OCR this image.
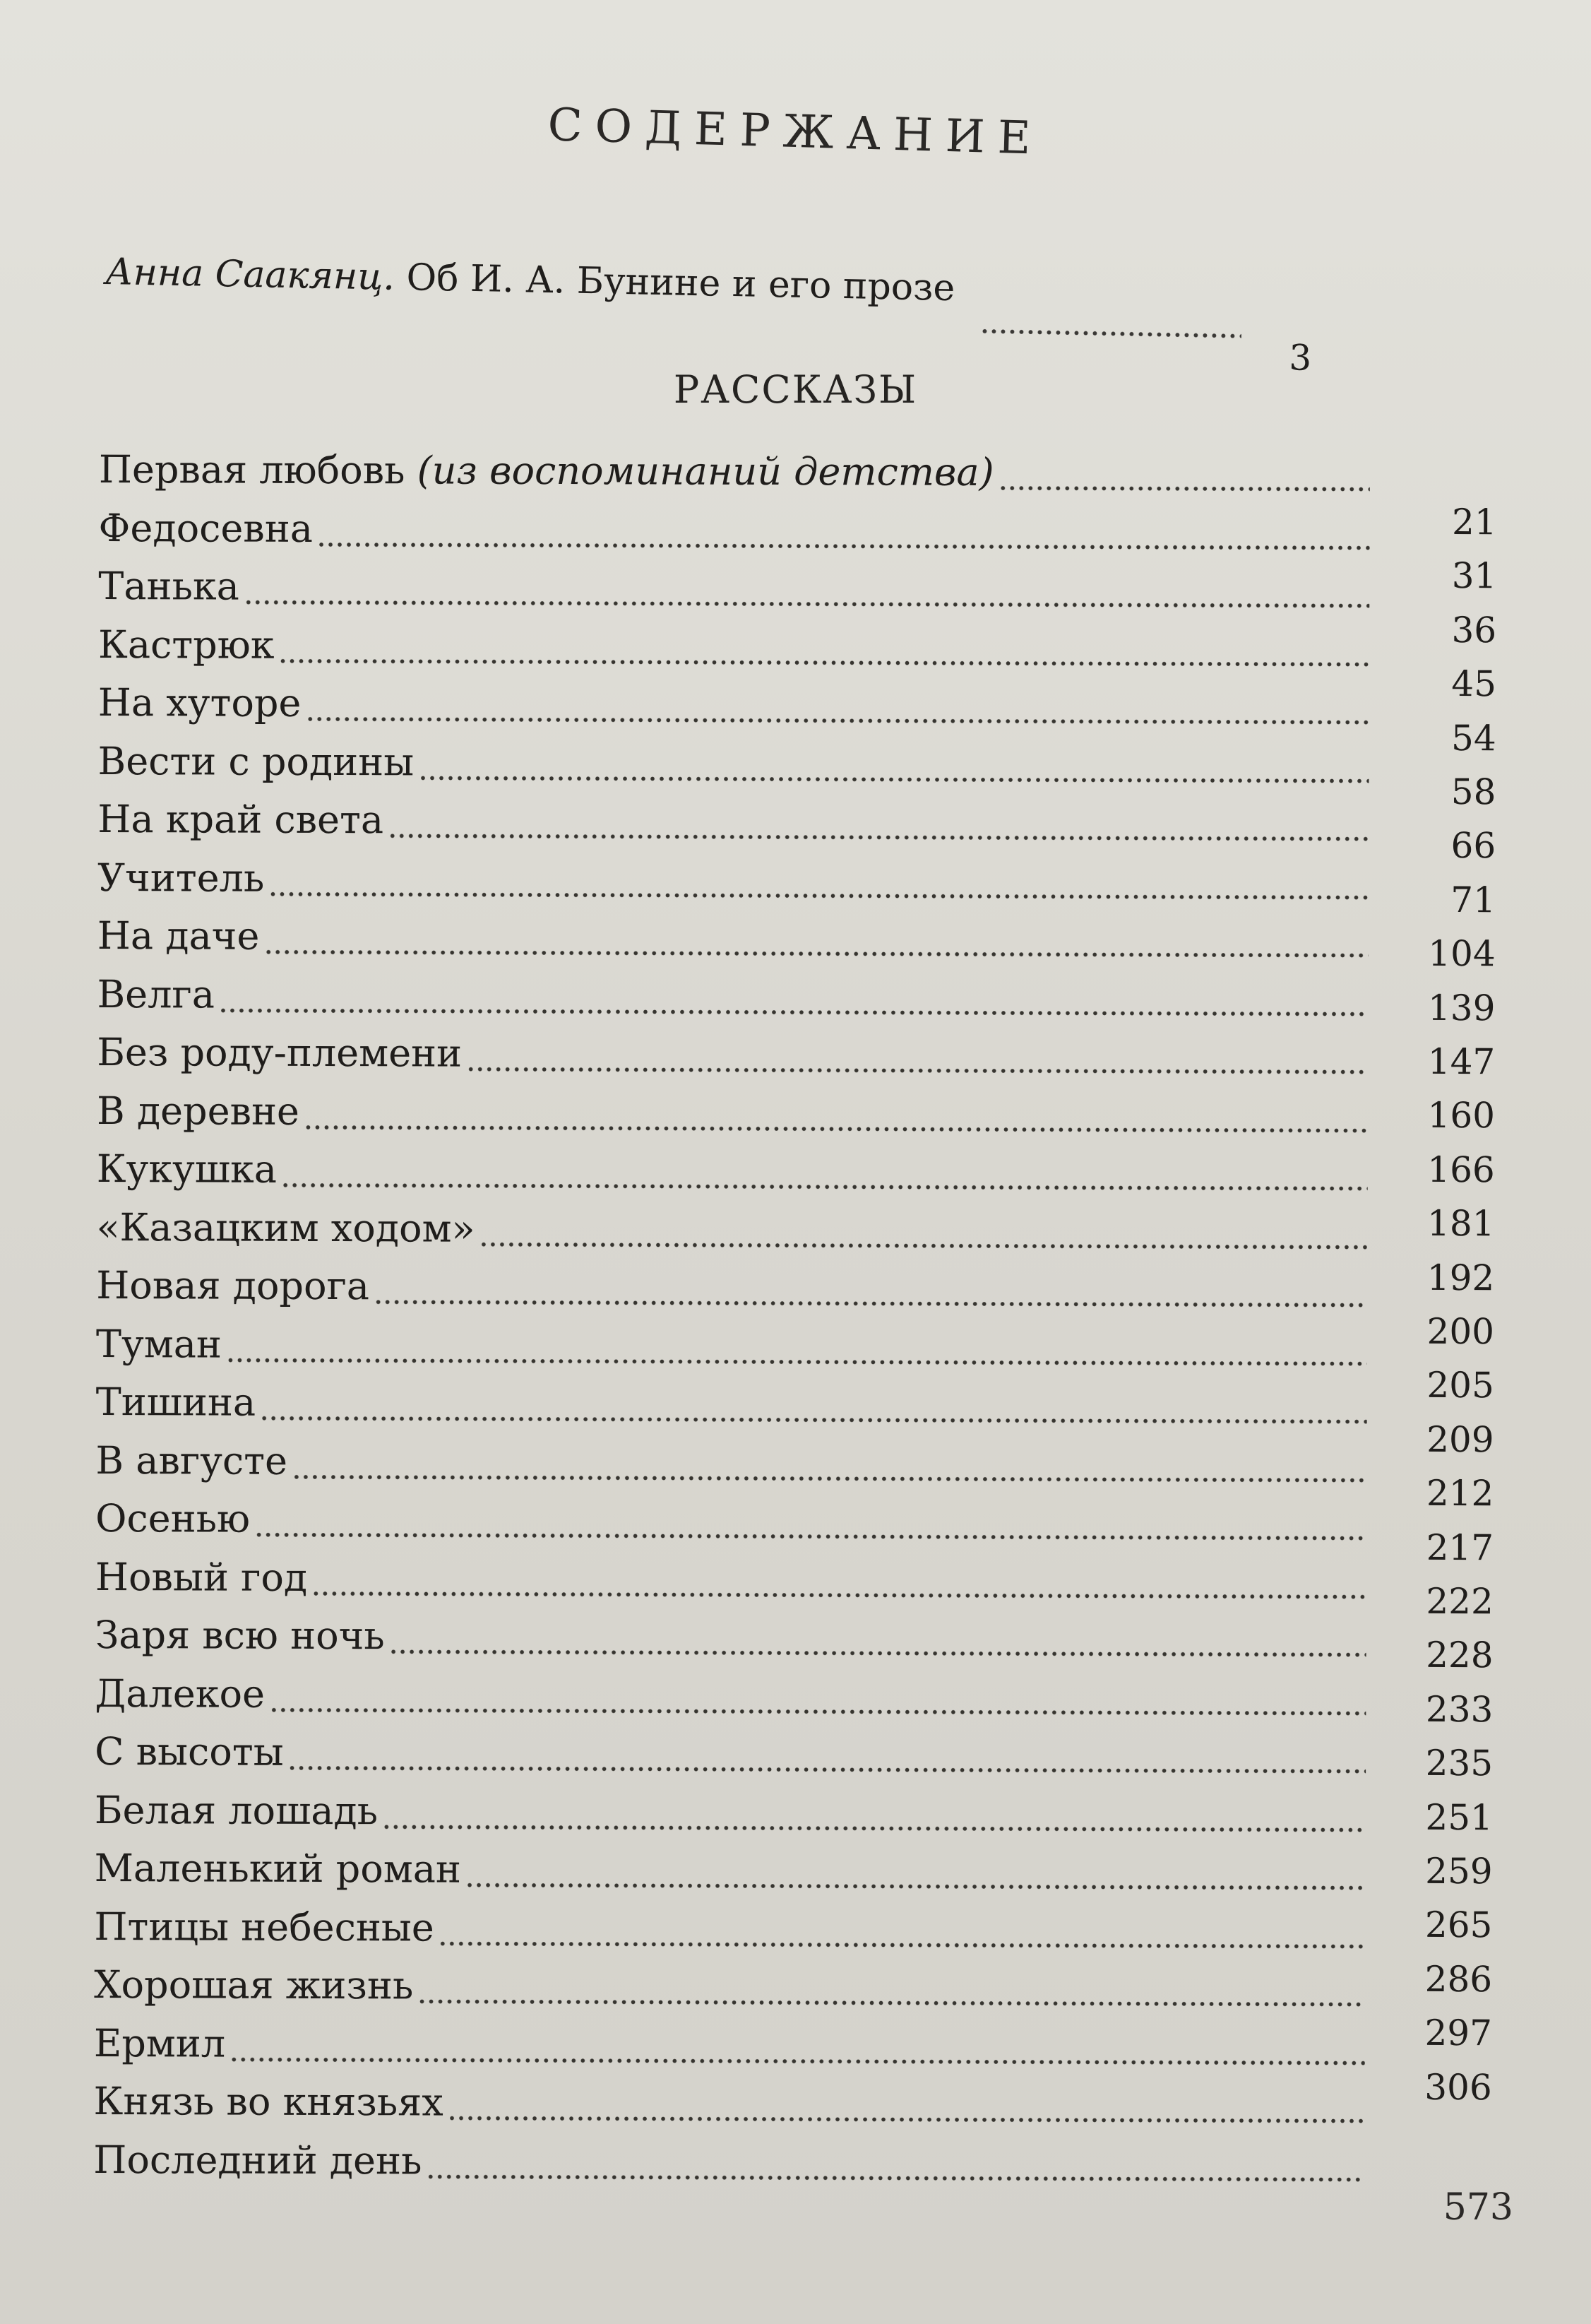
СОДЕРЖАНИЕ
Анна Саакянц. Об И. А. Бунине и его прозе
3
РАССКАЗЫ
Первая любовь (из воспоминаний детства)
Федосевна
Танька
Кастрюк
На хуторе
Вести с родины
На край света
Учитель
На даче
Велга
Без роду-племени
В деревне
Кукушка
«Казацким ходом»
Новая дорога
Туман
Тишина
В августе
Осенью
Новый год
Заря всю ночь
Далекое
С высоты
Белая лошадь
Маленький роман
Птицы небесные
Хорошая жизнь
Ермил
Князь во князьях
Последний день
21
31
36
45
54
58
66
71
104
139
147
160
166
181
192
200
205
209
212
217
222
228
233
235
251
259
265
286
297
306
573
